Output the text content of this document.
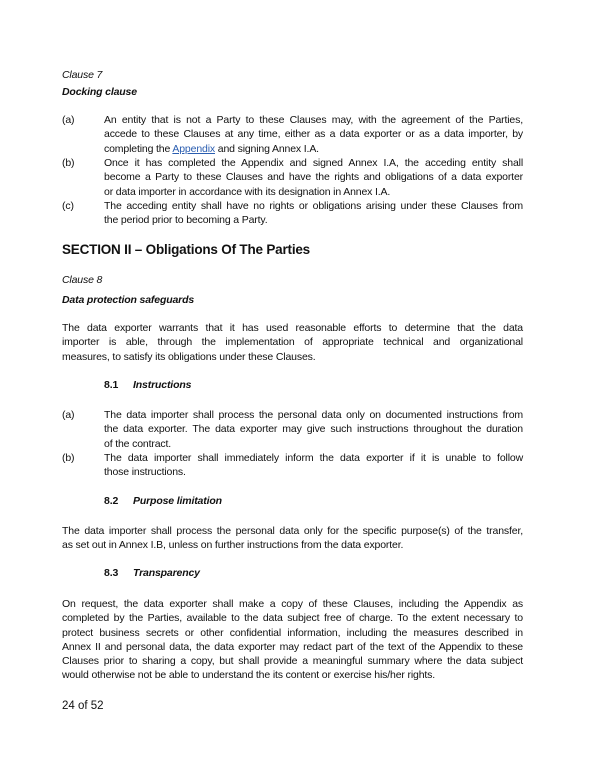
Clause 7
Docking clause
(a)	An entity that is not a Party to these Clauses may, with the agreement of the Parties,
accede to these Clauses at any time, either as a data exporter or as a data importer, by
completing the Appendix and signing Annex I.A.
(b)	Once it has completed the Appendix and signed Annex I.A, the acceding entity shall
become a Party to these Clauses and have the rights and obligations of a data exporter
or data importer in accordance with its designation in Annex I.A.
(c)	The acceding entity shall have no rights or obligations arising under these Clauses from
the period prior to becoming a Party.
SECTION II – Obligations Of The Parties
Clause 8
Data protection safeguards
The data exporter warrants that it has used reasonable efforts to determine that the data
importer is able, through the implementation of appropriate technical and organizational
measures, to satisfy its obligations under these Clauses.
8.1 Instructions
(a)	The data importer shall process the personal data only on documented instructions from
the data exporter. The data exporter may give such instructions throughout the duration
of the contract.
(b)	The data importer shall immediately inform the data exporter if it is unable to follow
those instructions.
8.2 Purpose limitation
The data importer shall process the personal data only for the specific purpose(s) of the transfer,
as set out in Annex I.B, unless on further instructions from the data exporter.
8.3 Transparency
On request, the data exporter shall make a copy of these Clauses, including the Appendix as
completed by the Parties, available to the data subject free of charge. To the extent necessary to
protect business secrets or other confidential information, including the measures described in
Annex II and personal data, the data exporter may redact part of the text of the Appendix to these
Clauses prior to sharing a copy, but shall provide a meaningful summary where the data subject
would otherwise not be able to understand the its content or exercise his/her rights.
24 of 52
